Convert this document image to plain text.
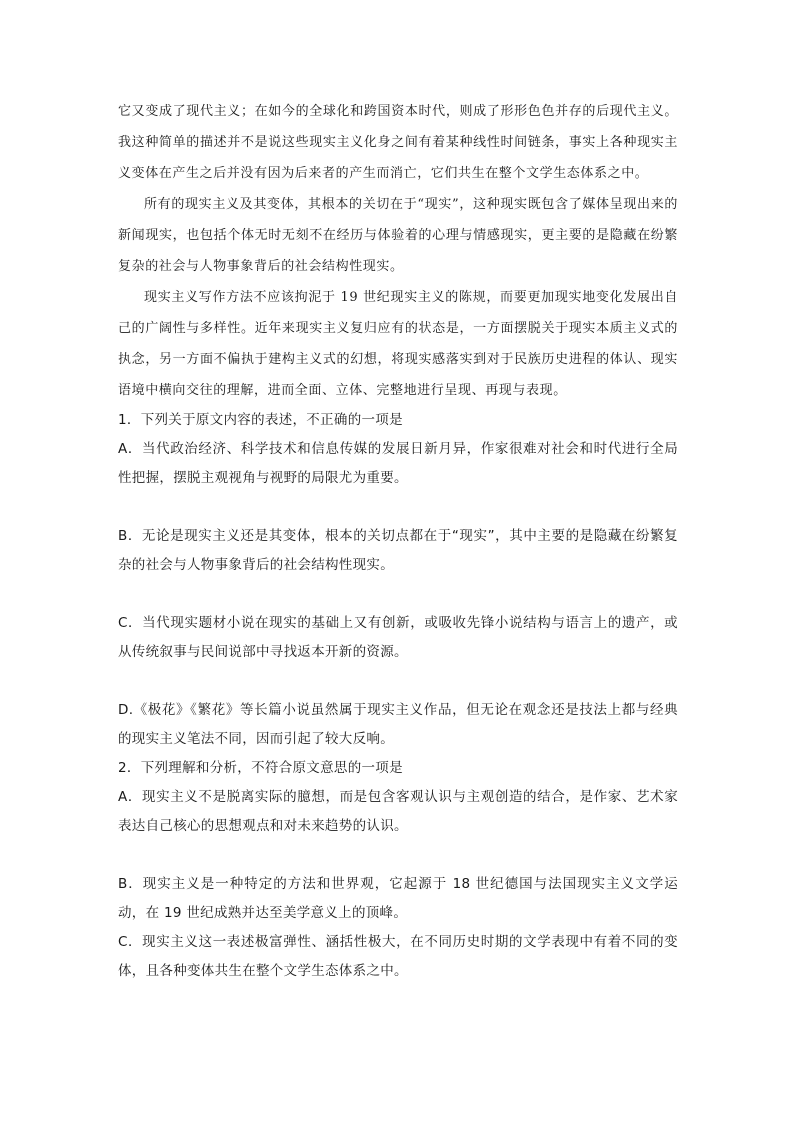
它又变成了现代主义；在如今的全球化和跨国资本时代，则成了形形色色并存的后现代主义。我这种简单的描述并不是说这些现实主义化身之间有着某种线性时间链条，事实上各种现实主义变体在产生之后并没有因为后来者的产生而消亡，它们共生在整个文学生态体系之中。

所有的现实主义及其变体，其根本的关切在于“现实”，这种现实既包含了媒体呈现出来的新闻现实，也包括个体无时无刻不在经历与体验着的心理与情感现实，更主要的是隐藏在纷繁复杂的社会与人物事象背后的社会结构性现实。

现实主义写作方法不应该拘泥于 19 世纪现实主义的陈规，而要更加现实地变化发展出自己的广阔性与多样性。近年来现实主义复归应有的状态是，一方面摆脱关于现实本质主义式的执念，另一方面不偏执于建构主义式的幻想，将现实感落实到对于民族历史进程的体认、现实语境中横向交往的理解，进而全面、立体、完整地进行呈现、再现与表现。

1．下列关于原文内容的表述，不正确的一项是

A．当代政治经济、科学技术和信息传媒的发展日新月异，作家很难对社会和时代进行全局性把握，摆脱主观视角与视野的局限尤为重要。

B．无论是现实主义还是其变体，根本的关切点都在于“现实”，其中主要的是隐藏在纷繁复杂的社会与人物事象背后的社会结构性现实。

C．当代现实题材小说在现实的基础上又有创新，或吸收先锋小说结构与语言上的遗产，或从传统叙事与民间说部中寻找返本开新的资源。

D.《极花》《繁花》等长篇小说虽然属于现实主义作品，但无论在观念还是技法上都与经典的现实主义笔法不同，因而引起了较大反响。

2．下列理解和分析，不符合原文意思的一项是

A．现实主义不是脱离实际的臆想，而是包含客观认识与主观创造的结合，是作家、艺术家表达自己核心的思想观点和对未来趋势的认识。

B．现实主义是一种特定的方法和世界观，它起源于 18 世纪德国与法国现实主义文学运动，在 19 世纪成熟并达至美学意义上的顶峰。

C．现实主义这一表述极富弹性、涵括性极大，在不同历史时期的文学表现中有着不同的变体，且各种变体共生在整个文学生态体系之中。
